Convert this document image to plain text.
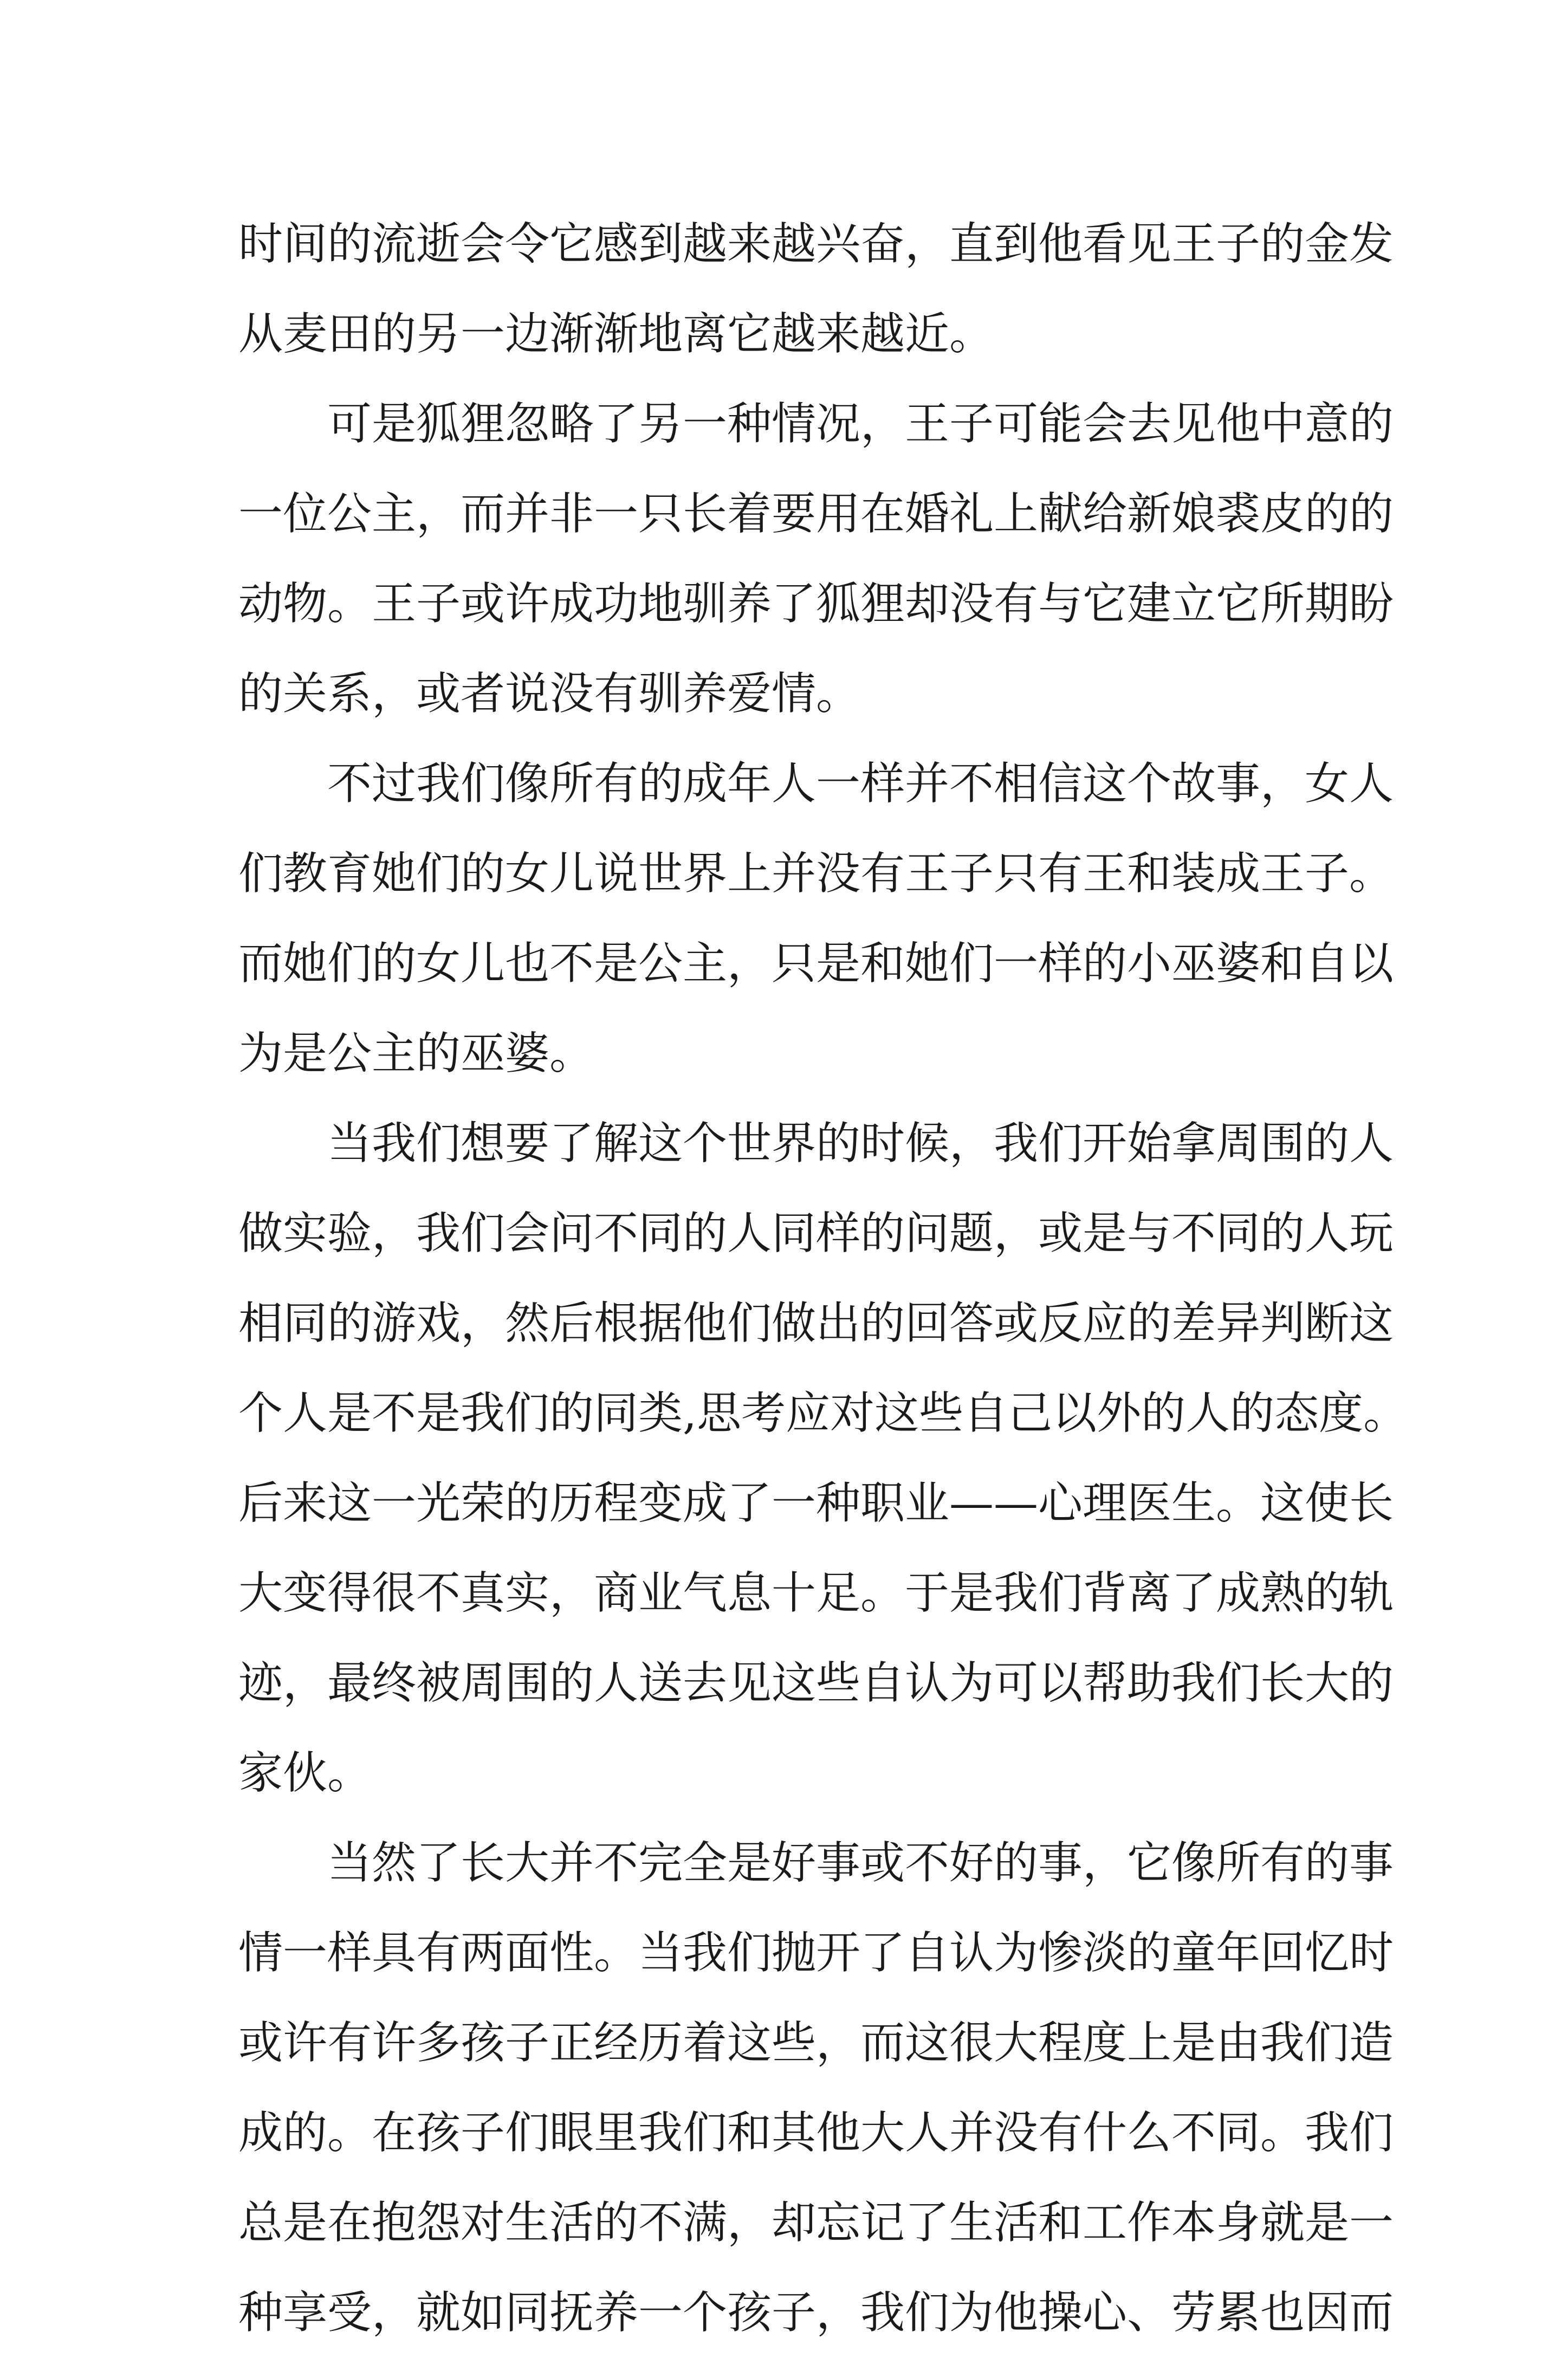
时间的流逝会令它感到越来越兴奋，直到他看见王子的金发
从麦田的另一边渐渐地离它越来越近。
可是狐狸忽略了另一种情况，王子可能会去见他中意的
一位公主，而并非一只长着要用在婚礼上献给新娘裘皮的的
动物。王子或许成功地驯养了狐狸却没有与它建立它所期盼
的关系，或者说没有驯养爱情。
不过我们像所有的成年人一样并不相信这个故事，女人
们教育她们的女儿说世界上并没有王子只有王和装成王子。
而她们的女儿也不是公主，只是和她们一样的小巫婆和自以
为是公主的巫婆。
当我们想要了解这个世界的时候，我们开始拿周围的人
做实验，我们会问不同的人同样的问题，或是与不同的人玩
相同的游戏，然后根据他们做出的回答或反应的差异判断这
个人是不是我们的同类,思考应对这些自己以外的人的态度。
后来这一光荣的历程变成了一种职业——心理医生。这使长
大变得很不真实，商业气息十足。于是我们背离了成熟的轨
迹，最终被周围的人送去见这些自认为可以帮助我们长大的
家伙。
当然了长大并不完全是好事或不好的事，它像所有的事
情一样具有两面性。当我们抛开了自认为惨淡的童年回忆时
或许有许多孩子正经历着这些，而这很大程度上是由我们造
成的。在孩子们眼里我们和其他大人并没有什么不同。我们
总是在抱怨对生活的不满，却忘记了生活和工作本身就是一
种享受，就如同抚养一个孩子，我们为他操心、劳累也因而
